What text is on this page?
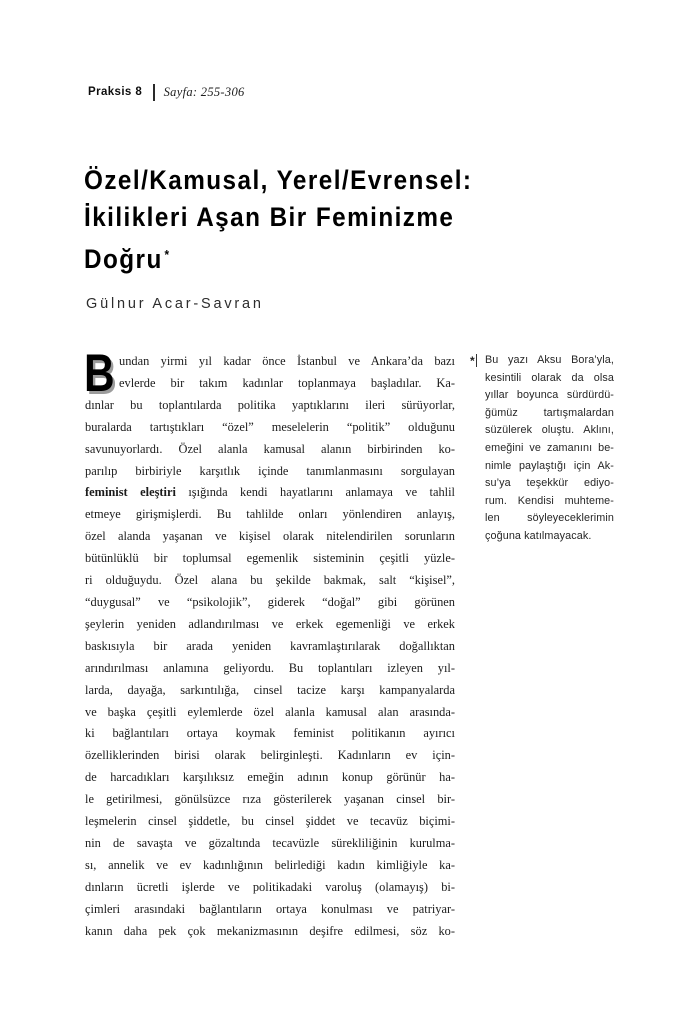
Praksis 8 Sayfa: 255-306
Özel/Kamusal, Yerel/Evrensel:
İkilikleri Aşan Bir Feminizme
Doğru *
Gülnur Acar-Savran
B undan yirmi yıl kadar önce İstanbul ve Ankara’da bazı
evlerde bir takım kadınlar toplanmaya başladılar. Ka-
dınlar bu toplantılarda politika yaptıklarını ileri sürüyorlar,
buralarda tartıştıkları “özel” meselelerin “politik” olduğunu
savunuyorlardı. Özel alanla kamusal alanın birbirinden ko-
parılıp birbiriyle karşıtlık içinde tanımlanmasını sorgulayan
feminist eleştiri ışığında kendi hayatlarını anlamaya ve tahlil
etmeye girişmişlerdi. Bu tahlilde onları yönlendiren anlayış,
özel alanda yaşanan ve kişisel olarak nitelendirilen sorunların
bütünlüklü bir toplumsal egemenlik sisteminin çeşitli yüzle-
ri olduğuydu. Özel alana bu şekilde bakmak, salt “kişisel”,
“duygusal” ve “psikolojik”, giderek “doğal” gibi görünen
şeylerin yeniden adlandırılması ve erkek egemenliği ve erkek
baskısıyla bir arada yeniden kavramlaştırılarak doğallıktan
arındırılması anlamına geliyordu. Bu toplantıları izleyen yıl-
larda, dayağa, sarkıntılığa, cinsel tacize karşı kampanyalarda
ve başka çeşitli eylemlerde özel alanla kamusal alan arasında-
ki bağlantıları ortaya koymak feminist politikanın ayırıcı
özelliklerinden birisi olarak belirginleşti. Kadınların ev için-
de harcadıkları karşılıksız emeğin adının konup görünür ha-
le getirilmesi, gönülsüzce rıza gösterilerek yaşanan cinsel bir-
leşmelerin cinsel şiddetle, bu cinsel şiddet ve tecavüz biçimi-
nin de savaşta ve gözaltında tecavüzle sürekliliğinin kurulma-
sı, annelik ve ev kadınlığının belirlediği kadın kimliğiyle ka-
dınların ücretli işlerde ve politikadaki varoluş (olamayış) bi-
çimleri arasındaki bağlantıların ortaya konulması ve patriyar-
kanın daha pek çok mekanizmasının deşifre edilmesi, söz ko-
* Bu yazı Aksu Bora’yla,
kesintili olarak da olsa
yıllar boyunca sürdürdü-
ğümüz tartışmalardan
süzülerek oluştu. Aklını,
emeğini ve zamanını be-
nimle paylaştığı için Ak-
su’ya teşekkür ediyo-
rum. Kendisi muhteme-
len söyleyeceklerimin
çoğuna katılmayacak.
